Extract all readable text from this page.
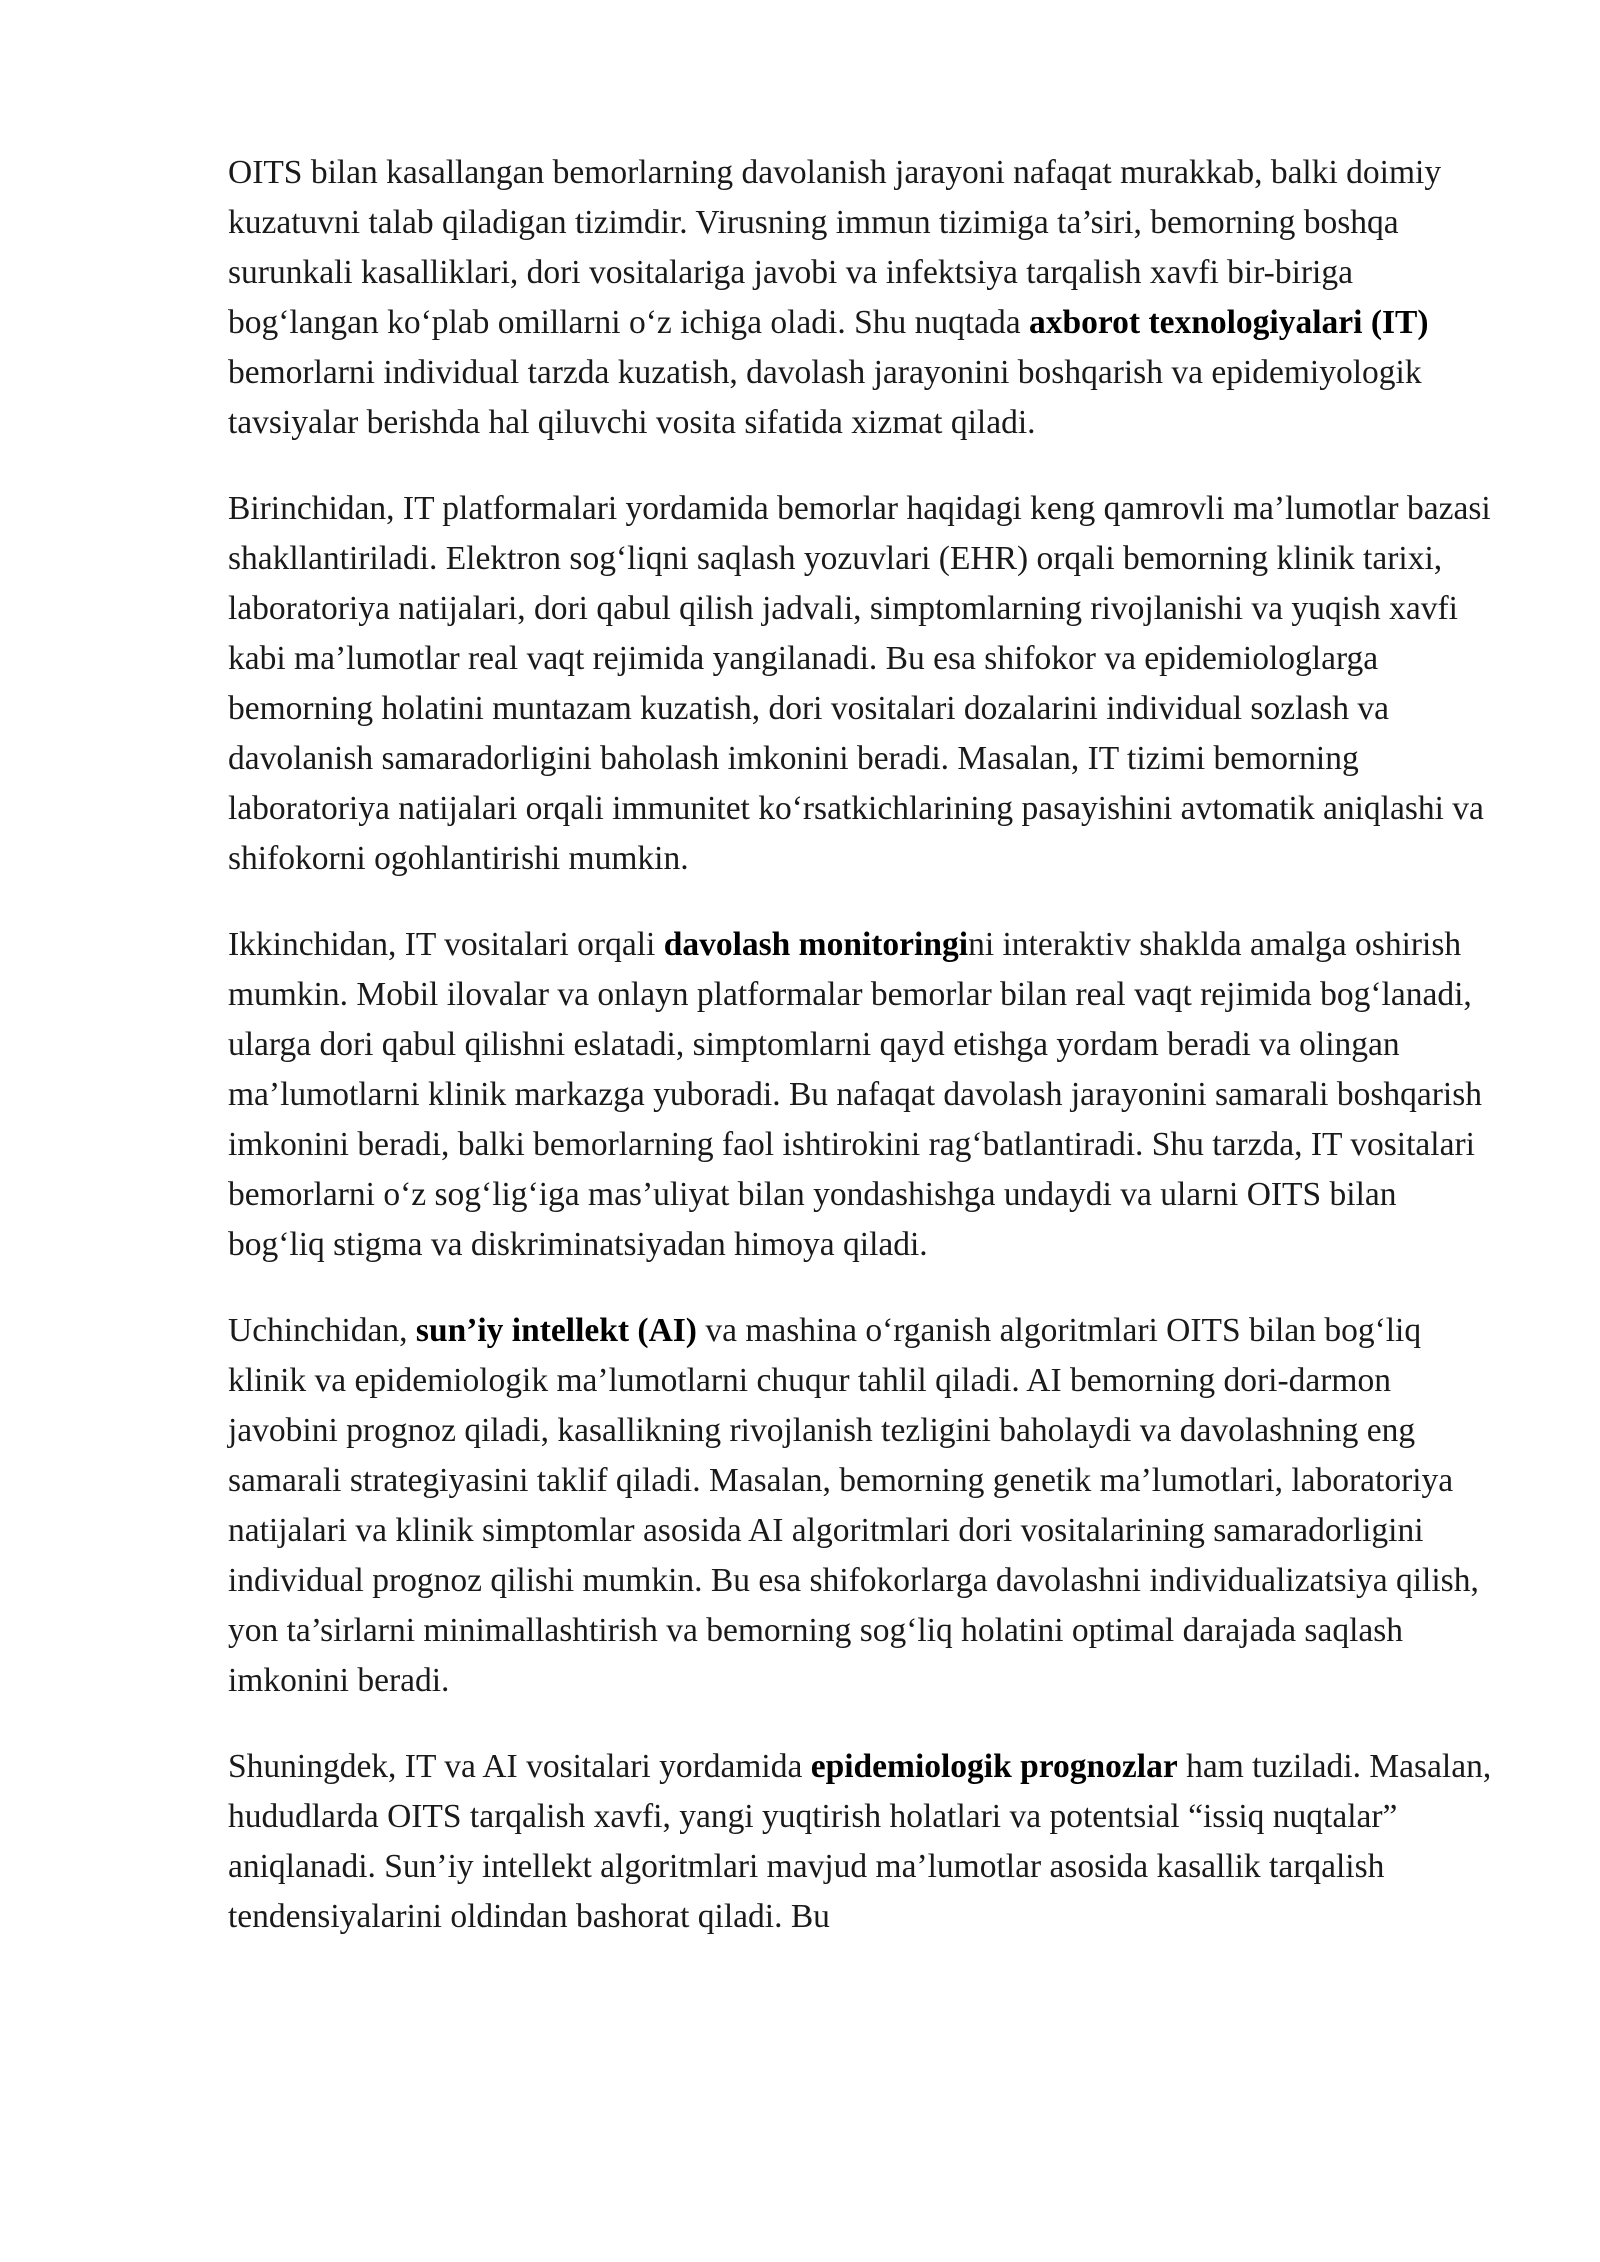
OITS bilan kasallangan bemorlarning davolanish jarayoni nafaqat murakkab, balki doimiy kuzatuvni talab qiladigan tizimdir. Virusning immun tizimiga ta’siri, bemorning boshqa surunkali kasalliklari, dori vositalariga javobi va infektsiya tarqalish xavfi bir-biriga bog‘langan ko‘plab omillarni o‘z ichiga oladi. Shu nuqtada axborot texnologiyalari (IT) bemorlarni individual tarzda kuzatish, davolash jarayonini boshqarish va epidemiyologik tavsiyalar berishda hal qiluvchi vosita sifatida xizmat qiladi.

Birinchidan, IT platformalari yordamida bemorlar haqidagi keng qamrovli ma’lumotlar bazasi shakllantiriladi. Elektron sog‘liqni saqlash yozuvlari (EHR) orqali bemorning klinik tarixi, laboratoriya natijalari, dori qabul qilish jadvali, simptomlarning rivojlanishi va yuqish xavfi kabi ma’lumotlar real vaqt rejimida yangilanadi. Bu esa shifokor va epidemiologlarga bemorning holatini muntazam kuzatish, dori vositalari dozalarini individual sozlash va davolanish samaradorligini baholash imkonini beradi. Masalan, IT tizimi bemorning laboratoriya natijalari orqali immunitet ko‘rsatkichlarining pasayishini avtomatik aniqlashi va shifokorni ogohlantirishi mumkin.

Ikkinchidan, IT vositalari orqali davolash monitoringini interaktiv shaklda amalga oshirish mumkin. Mobil ilovalar va onlayn platformalar bemorlar bilan real vaqt rejimida bog‘lanadi, ularga dori qabul qilishni eslatadi, simptomlarni qayd etishga yordam beradi va olingan ma’lumotlarni klinik markazga yuboradi. Bu nafaqat davolash jarayonini samarali boshqarish imkonini beradi, balki bemorlarning faol ishtirokini rag‘batlantiradi. Shu tarzda, IT vositalari bemorlarni o‘z sog‘lig‘iga mas’uliyat bilan yondashishga undaydi va ularni OITS bilan bog‘liq stigma va diskriminatsiyadan himoya qiladi.

Uchinchidan, sun’iy intellekt (AI) va mashina o‘rganish algoritmlari OITS bilan bog‘liq klinik va epidemiologik ma’lumotlarni chuqur tahlil qiladi. AI bemorning dori-darmon javobini prognoz qiladi, kasallikning rivojlanish tezligini baholaydi va davolashning eng samarali strategiyasini taklif qiladi. Masalan, bemorning genetik ma’lumotlari, laboratoriya natijalari va klinik simptomlar asosida AI algoritmlari dori vositalarining samaradorligini individual prognoz qilishi mumkin. Bu esa shifokorlarga davolashni individualizatsiya qilish, yon ta’sirlarni minimallashtirish va bemorning sog‘liq holatini optimal darajada saqlash imkonini beradi.

Shuningdek, IT va AI vositalari yordamida epidemiologik prognozlar ham tuziladi. Masalan, hududlarda OITS tarqalish xavfi, yangi yuqtirish holatlari va potentsial “issiq nuqtalar” aniqlanadi. Sun’iy intellekt algoritmlari mavjud ma’lumotlar asosida kasallik tarqalish tendensiyalarini oldindan bashorat qiladi. Bu
